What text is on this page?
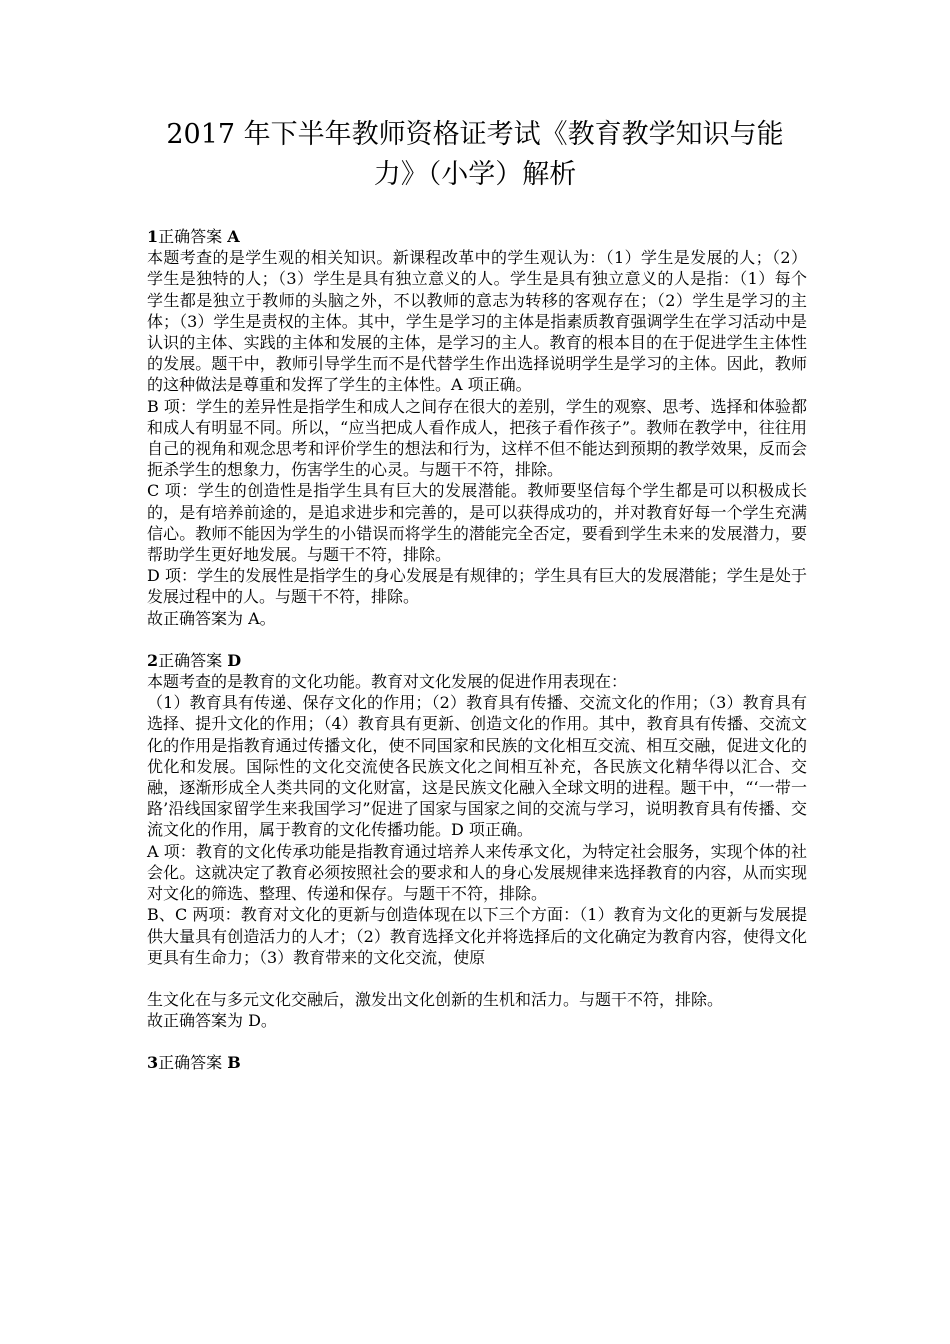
2017 年下半年教师资格证考试《教育教学知识与能
力》（小学）解析

1正确答案 A

本题考查的是学生观的相关知识。新课程改革中的学生观认为：（1）学生是发展的人；（2）学生是独特的人；（3）学生是具有独立意义的人。学生是具有独立意义的人是指：（1）每个学生都是独立于教师的头脑之外，不以教师的意志为转移的客观存在；（2）学生是学习的主体；（3）学生是责权的主体。其中，学生是学习的主体是指素质教育强调学生在学习活动中是认识的主体、实践的主体和发展的主体，是学习的主人。教育的根本目的在于促进学生主体性的发展。题干中，教师引导学生而不是代替学生作出选择说明学生是学习的主体。因此，教师的这种做法是尊重和发挥了学生的主体性。A 项正确。

B 项：学生的差异性是指学生和成人之间存在很大的差别，学生的观察、思考、选择和体验都和成人有明显不同。所以，“应当把成人看作成人，把孩子看作孩子”。教师在教学中，往往用自己的视角和观念思考和评价学生的想法和行为，这样不但不能达到预期的教学效果，反而会扼杀学生的想象力，伤害学生的心灵。与题干不符，排除。

C 项：学生的创造性是指学生具有巨大的发展潜能。教师要坚信每个学生都是可以积极成长的，是有培养前途的，是追求进步和完善的，是可以获得成功的，并对教育好每一个学生充满信心。教师不能因为学生的小错误而将学生的潜能完全否定，要看到学生未来的发展潜力，要帮助学生更好地发展。与题干不符，排除。

D 项：学生的发展性是指学生的身心发展是有规律的；学生具有巨大的发展潜能；学生是处于发展过程中的人。与题干不符，排除。

故正确答案为 A。

2正确答案 D

本题考查的是教育的文化功能。教育对文化发展的促进作用表现在：

（1）教育具有传递、保存文化的作用；（2）教育具有传播、交流文化的作用；（3）教育具有选择、提升文化的作用；（4）教育具有更新、创造文化的作用。其中，教育具有传播、交流文化的作用是指教育通过传播文化，使不同国家和民族的文化相互交流、相互交融，促进文化的优化和发展。国际性的文化交流使各民族文化之间相互补充，各民族文化精华得以汇合、交融，逐渐形成全人类共同的文化财富，这是民族文化融入全球文明的进程。题干中，“‘一带一路’沿线国家留学生来我国学习”促进了国家与国家之间的交流与学习，说明教育具有传播、交流文化的作用，属于教育的文化传播功能。D 项正确。

A 项：教育的文化传承功能是指教育通过培养人来传承文化，为特定社会服务，实现个体的社会化。这就决定了教育必须按照社会的要求和人的身心发展规律来选择教育的内容，从而实现对文化的筛选、整理、传递和保存。与题干不符，排除。

B、C 两项：教育对文化的更新与创造体现在以下三个方面：（1）教育为文化的更新与发展提供大量具有创造活力的人才；（2）教育选择文化并将选择后的文化确定为教育内容，使得文化更具有生命力；（3）教育带来的文化交流，使原

生文化在与多元文化交融后，激发出文化创新的生机和活力。与题干不符，排除。

故正确答案为 D。

3正确答案 B
